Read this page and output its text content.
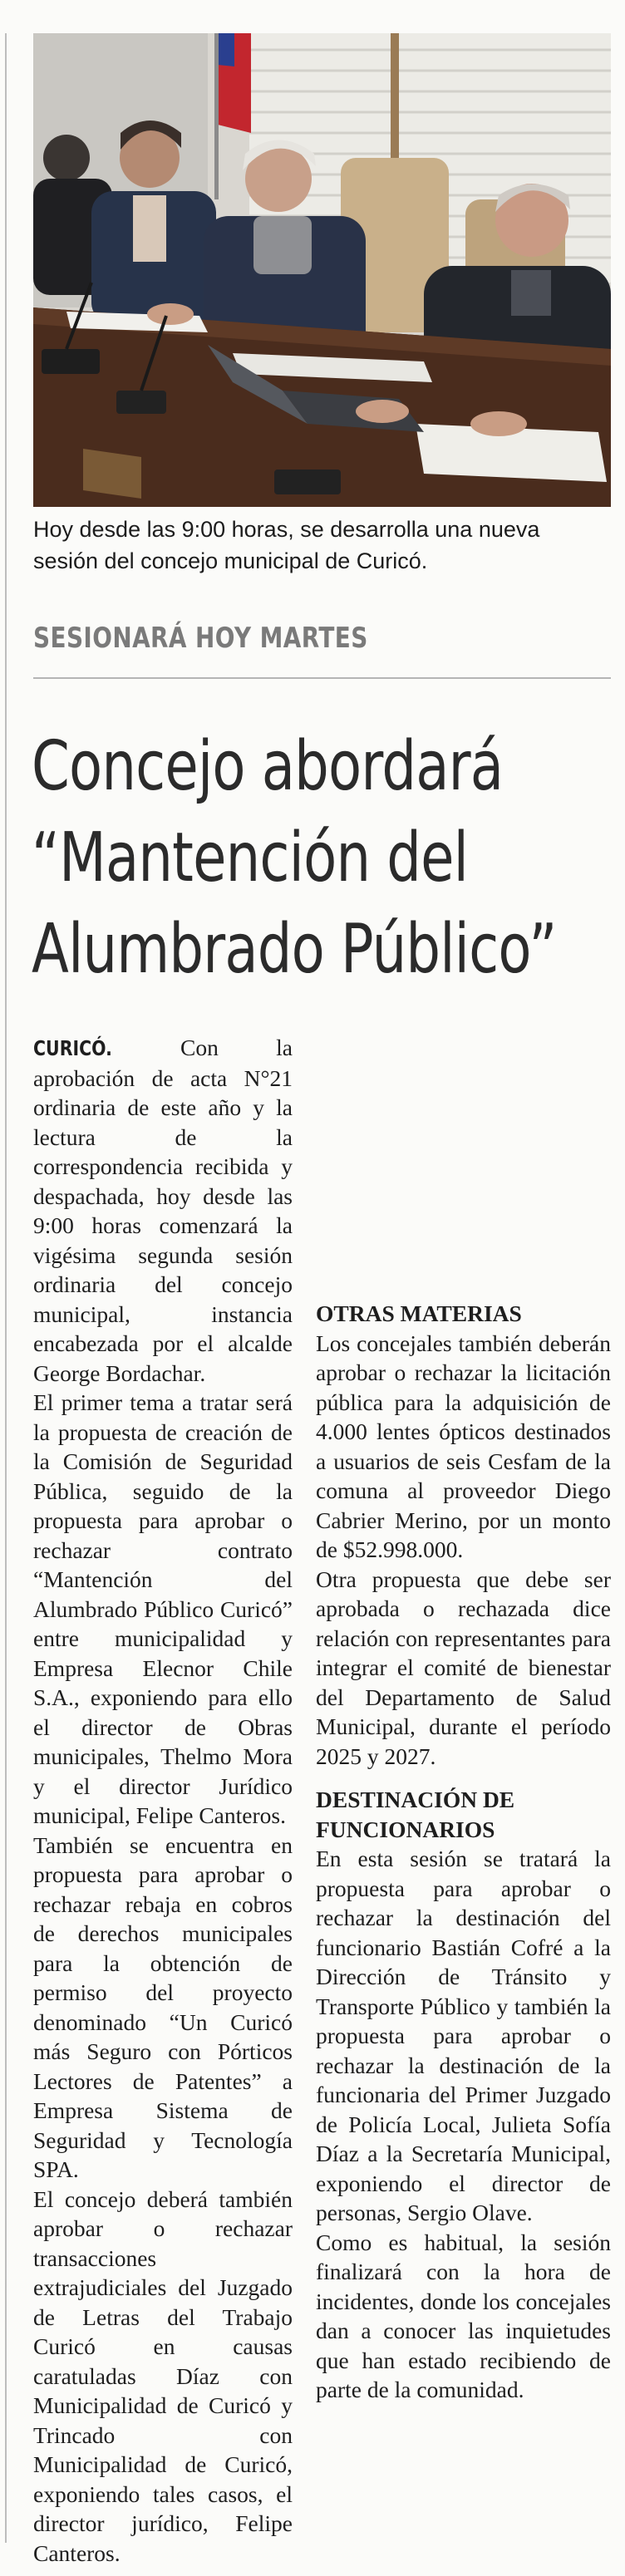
Hoy desde las 9:00 horas, se desarrolla una nueva sesión del concejo municipal de Curicó.
SESIONARÁ HOY MARTES
Concejo abordará
“Mantención del
Alumbrado Público”

CURICÓ.	Con la aprobación de acta N°21 ordinaria de este año y la lectura de la correspondencia recibida y despachada, hoy desde las 9:00 horas comenzará la vigésima segunda sesión ordinaria del concejo municipal, instancia encabezada por el alcalde George Bordachar.

El primer tema a tratar será la propuesta de creación de la Comisión de Seguridad Pública, seguido de la propuesta para aprobar o rechazar contrato “Mantención del Alumbrado Público Curicó” entre municipalidad y Empresa Elecnor Chile S.A., exponiendo para ello el director de Obras municipales, Thelmo Mora y el director Jurídico municipal, Felipe Canteros.

También se encuentra en propuesta para aprobar o rechazar rebaja en cobros de derechos municipales para la obtención de permiso del proyecto denominado “Un Curicó más Seguro con Pórticos Lectores de Patentes” a Empresa Sistema de Seguridad y Tecnología SPA.

El concejo deberá también aprobar o rechazar transacciones extrajudiciales del Juzgado de Letras del Trabajo Curicó en causas caratuladas Díaz con Municipalidad de Curicó y Trincado con Municipalidad de Curicó, exponiendo tales casos, el director jurídico, Felipe Canteros.

OTRAS MATERIAS

Los concejales también deberán aprobar o rechazar la licitación pública para la adquisición de 4.000 lentes ópticos destinados a usuarios de seis Cesfam de la comuna al proveedor Diego Cabrier Merino, por un monto de $52.998.000.

Otra propuesta que debe ser aprobada o rechazada dice relación con representantes para integrar el comité de bienestar del Departamento de Salud Municipal, durante el período 2025 y 2027.

DESTINACIÓN DE FUNCIONARIOS

En esta sesión se tratará la propuesta para aprobar o rechazar la destinación del funcionario Bastián Cofré a la Dirección de Tránsito y Transporte Público y también la propuesta para aprobar o rechazar la destinación de la funcionaria del Primer Juzgado de Policía Local, Julieta Sofía Díaz a la Secretaría Municipal, exponiendo el director de personas, Sergio Olave.

Como es habitual, la sesión finalizará con la hora de incidentes, donde los concejales dan a conocer las inquietudes que han estado recibiendo de parte de la comunidad.
